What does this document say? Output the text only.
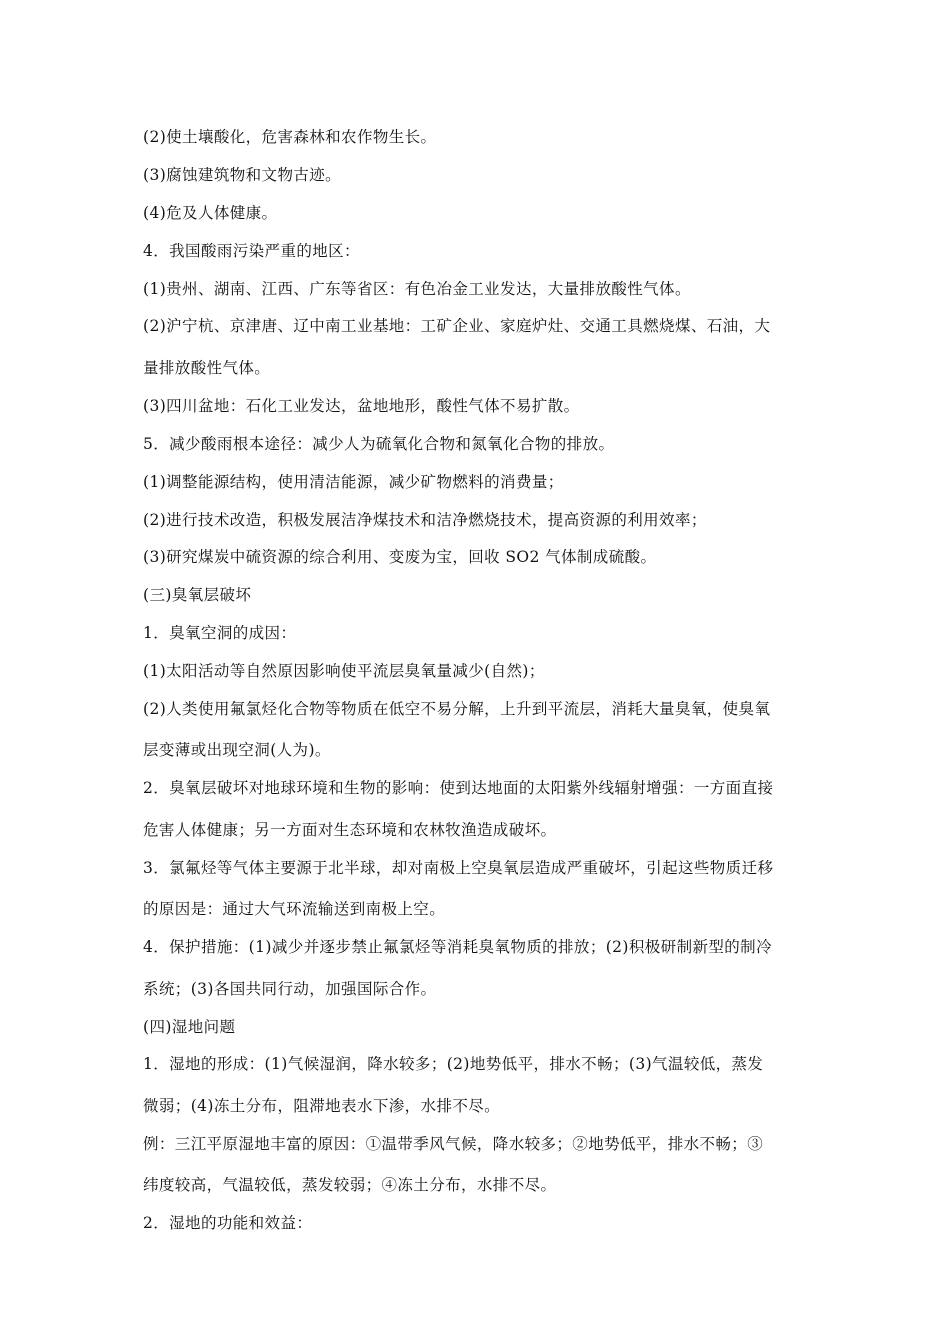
(2)使土壤酸化，危害森林和农作物生长。
(3)腐蚀建筑物和文物古迹。
(4)危及人体健康。
4．我国酸雨污染严重的地区：
(1)贵州、湖南、江西、广东等省区：有色冶金工业发达，大量排放酸性气体。
(2)沪宁杭、京津唐、辽中南工业基地：工矿企业、家庭炉灶、交通工具燃烧煤、石油，大
量排放酸性气体。
(3)四川盆地：石化工业发达，盆地地形，酸性气体不易扩散。
5．减少酸雨根本途径：减少人为硫氧化合物和氮氧化合物的排放。
(1)调整能源结构，使用清洁能源，减少矿物燃料的消费量；
(2)进行技术改造，积极发展洁净煤技术和洁净燃烧技术，提高资源的利用效率；
(3)研究煤炭中硫资源的综合利用、变废为宝，回收 SO2 气体制成硫酸。
(三)臭氧层破坏
1．臭氧空洞的成因：
(1)太阳活动等自然原因影响使平流层臭氧量减少(自然)；
(2)人类使用氟氯烃化合物等物质在低空不易分解，上升到平流层，消耗大量臭氧，使臭氧
层变薄或出现空洞(人为)。
2．臭氧层破坏对地球环境和生物的影响：使到达地面的太阳紫外线辐射增强：一方面直接
危害人体健康；另一方面对生态环境和农林牧渔造成破坏。
3．氯氟烃等气体主要源于北半球，却对南极上空臭氧层造成严重破坏，引起这些物质迁移
的原因是：通过大气环流输送到南极上空。
4．保护措施：(1)减少并逐步禁止氟氯烃等消耗臭氧物质的排放；(2)积极研制新型的制冷
系统；(3)各国共同行动，加强国际合作。
(四)湿地问题
1．湿地的形成：(1)气候湿润，降水较多；(2)地势低平，排水不畅；(3)气温较低，蒸发
微弱；(4)冻土分布，阻滞地表水下渗，水排不尽。
例：三江平原湿地丰富的原因：①温带季风气候，降水较多；②地势低平，排水不畅；③
纬度较高，气温较低，蒸发较弱；④冻土分布，水排不尽。
2．湿地的功能和效益：
